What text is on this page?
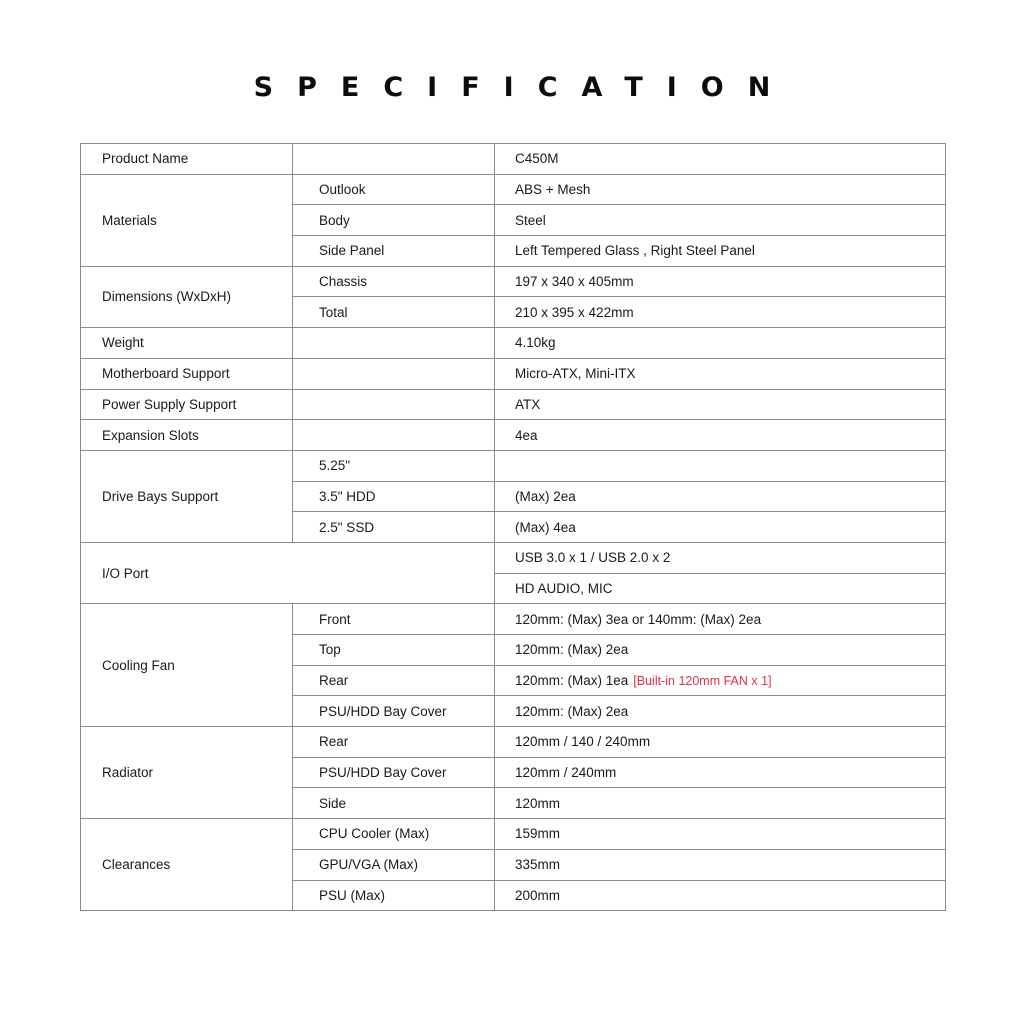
SPECIFICATION
Product Name		C450M
Materials	Outlook	ABS + Mesh
	Body	Steel
	Side Panel	Left Tempered Glass , Right Steel Panel
Dimensions (WxDxH)	Chassis	197 x 340 x 405mm
	Total	210 x 395 x 422mm
Weight		4.10kg
Motherboard Support		Micro-ATX, Mini-ITX
Power Supply Support		ATX
Expansion Slots		4ea
Drive Bays Support	5.25"	
	3.5" HDD	(Max) 2ea
	2.5" SSD	(Max) 4ea
I/O Port		USB 3.0 x 1 / USB 2.0 x 2
		HD AUDIO, MIC
Cooling Fan	Front	120mm: (Max) 3ea or 140mm: (Max) 2ea
	Top	120mm: (Max) 2ea
	Rear	120mm: (Max) 1ea [Built-in 120mm FAN x 1]
	PSU/HDD Bay Cover	120mm: (Max) 2ea
Radiator	Rear	120mm / 140 / 240mm
	PSU/HDD Bay Cover	120mm / 240mm
	Side	120mm
Clearances	CPU Cooler (Max)	159mm
	GPU/VGA (Max)	335mm
	PSU (Max)	200mm
